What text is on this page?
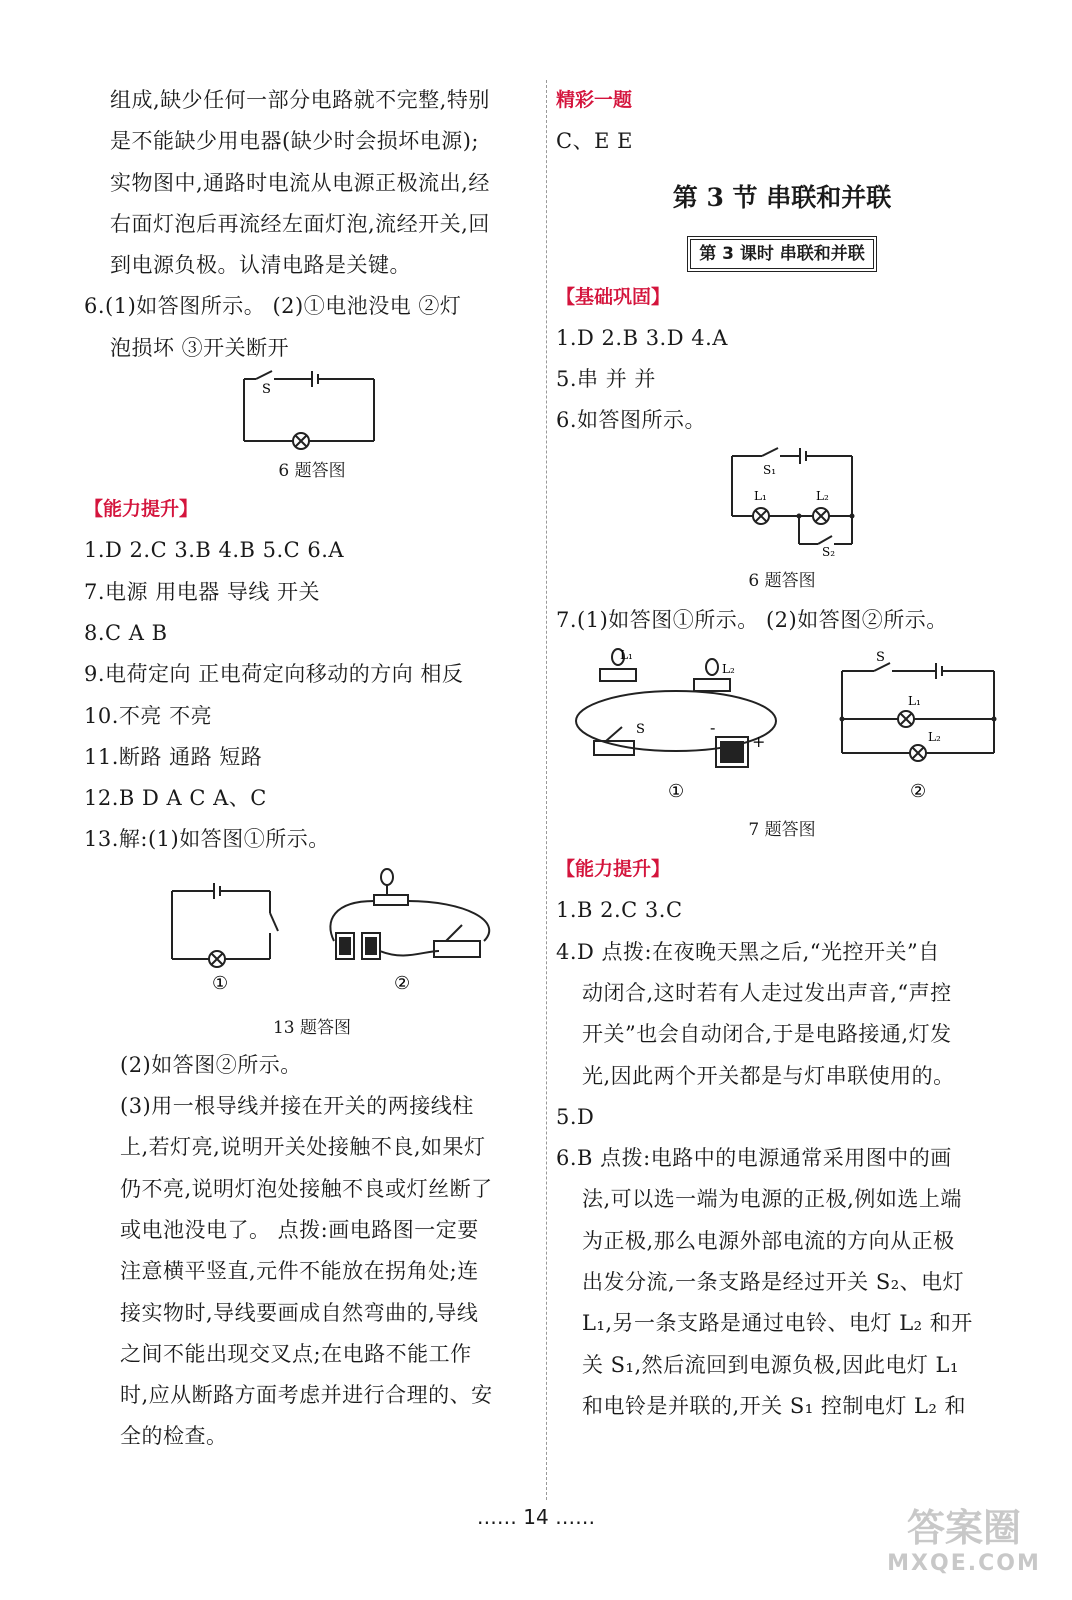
组成,缺少任何一部分电路就不完整,特别
是不能缺少用电器(缺少时会损坏电源);
实物图中,通路时电流从电源正极流出,经
右面灯泡后再流经左面灯泡,流经开关,回
到电源负极。认清电路是关键。
6.(1)如答图所示。 (2)①电池没电 ②灯
泡损坏 ③开关断开
S
6 题答图
【能力提升】
1.D 2.C 3.B 4.B 5.C 6.A
7.电源 用电器 导线 开关
8.C A B
9.电荷定向 正电荷定向移动的方向 相反
10.不亮 不亮
11.断路 通路 短路
12.B D A C A、C
13.解:(1)如答图①所示。
①	②
13 题答图
(2)如答图②所示。
(3)用一根导线并接在开关的两接线柱
上,若灯亮,说明开关处接触不良,如果灯
仍不亮,说明灯泡处接触不良或灯丝断了
或电池没电了。 点拨:画电路图一定要
注意横平竖直,元件不能放在拐角处;连
接实物时,导线要画成自然弯曲的,导线
之间不能出现交叉点;在电路不能工作
时,应从断路方面考虑并进行合理的、安
全的检查。
精彩一题
C、E E
第 3 节 串联和并联
第 3 课时 串联和并联
【基础巩固】
1.D 2.B 3.D 4.A
5.串 并 并
6.如答图所示。
S₁
L₁	L₂
S₂
6 题答图
7.(1)如答图①所示。 (2)如答图②所示。
L₁
L₂
S	-
+
①
S
L₁
L₂
②
7 题答图
【能力提升】
1.B 2.C 3.C
4.D 点拨:在夜晚天黑之后,“光控开关”自
动闭合,这时若有人走过发出声音,“声控
开关”也会自动闭合,于是电路接通,灯发
光,因此两个开关都是与灯串联使用的。
5.D
6.B 点拨:电路中的电源通常采用图中的画
法,可以选一端为电源的正极,例如选上端
为正极,那么电源外部电流的方向从正极
出发分流,一条支路是经过开关 S₂、电灯
L₁,另一条支路是通过电铃、电灯 L₂ 和开
关 S₁,然后流回到电源负极,因此电灯 L₁
和电铃是并联的,开关 S₁ 控制电灯 L₂ 和
…… 14 ……	答案圈
MXQE.COM
